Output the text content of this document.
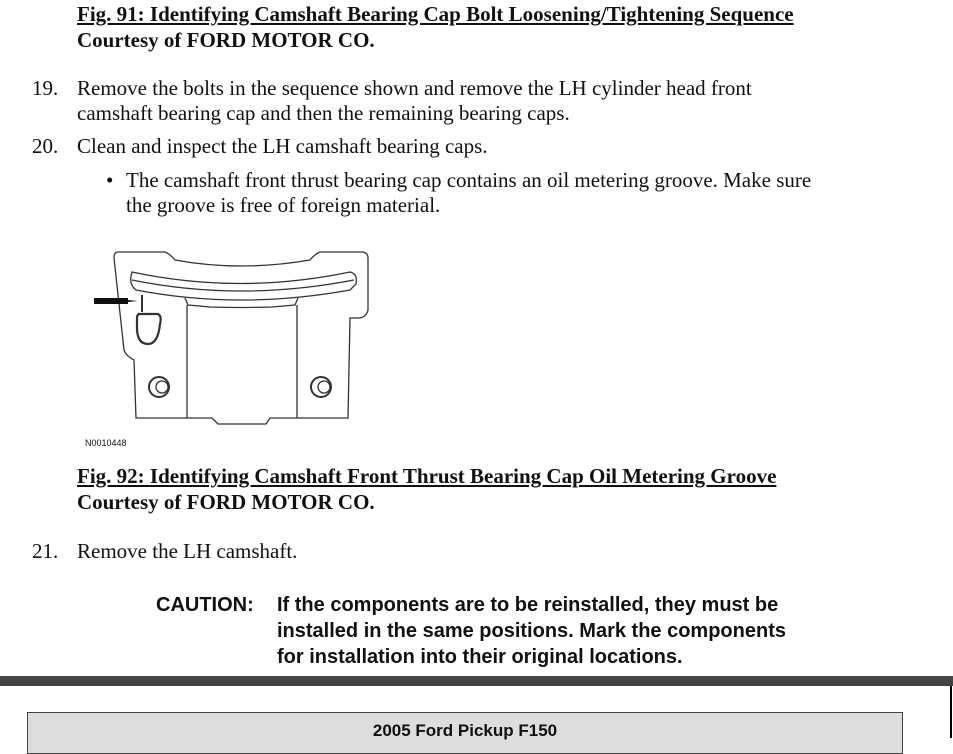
Fig. 91: Identifying Camshaft Bearing Cap Bolt Loosening/Tightening Sequence
Courtesy of FORD MOTOR CO.
19. Remove the bolts in the sequence shown and remove the LH cylinder head front
camshaft bearing cap and then the remaining bearing caps.
20. Clean and inspect the LH camshaft bearing caps.
• The camshaft front thrust bearing cap contains an oil metering groove. Make sure
the groove is free of foreign material.
N0010448
Fig. 92: Identifying Camshaft Front Thrust Bearing Cap Oil Metering Groove
Courtesy of FORD MOTOR CO.
21. Remove the LH camshaft.
CAUTION: If the components are to be reinstalled, they must be
installed in the same positions. Mark the components
for installation into their original locations.
2005 Ford Pickup F150
